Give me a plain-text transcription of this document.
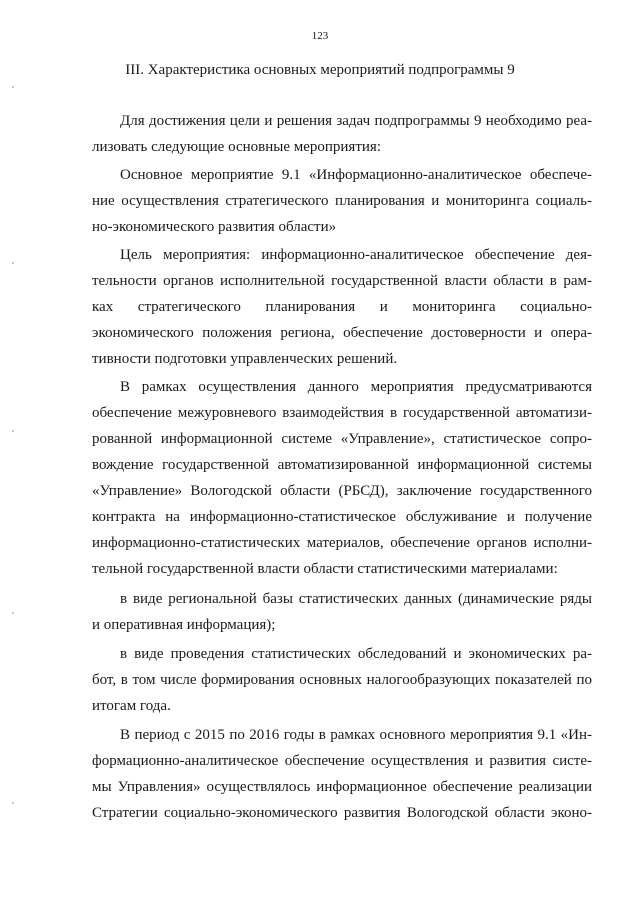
123
III. Характеристика основных мероприятий подпрограммы 9
Для достижения цели и решения задач подпрограммы 9 необходимо реа-
лизовать следующие основные мероприятия:
Основное мероприятие 9.1 «Информационно-аналитическое обеспече-
ние осуществления стратегического планирования и мониторинга социаль-
но-экономического развития области»
Цель мероприятия: информационно-аналитическое обеспечение дея-
тельности органов исполнительной государственной власти области в рам-
ках стратегического планирования и мониторинга социально-
экономического положения региона, обеспечение достоверности и опера-
тивности подготовки управленческих решений.
В рамках осуществления данного мероприятия предусматриваются
обеспечение межуровневого взаимодействия в государственной автоматизи-
рованной информационной системе «Управление», статистическое сопро-
вождение государственной автоматизированной информационной системы
«Управление» Вологодской области (РБСД), заключение государственного
контракта на информационно-статистическое обслуживание и получение
информационно-статистических материалов, обеспечение органов исполни-
тельной государственной власти области статистическими материалами:
в виде региональной базы статистических данных (динамические ряды
и оперативная информация);
в виде проведения статистических обследований и экономических ра-
бот, в том числе формирования основных налогообразующих показателей по
итогам года.
В период с 2015 по 2016 годы в рамках основного мероприятия 9.1 «Ин-
формационно-аналитическое обеспечение осуществления и развития систе-
мы Управления» осуществлялось информационное обеспечение реализации
Стратегии социально-экономического развития Вологодской области эконо-
